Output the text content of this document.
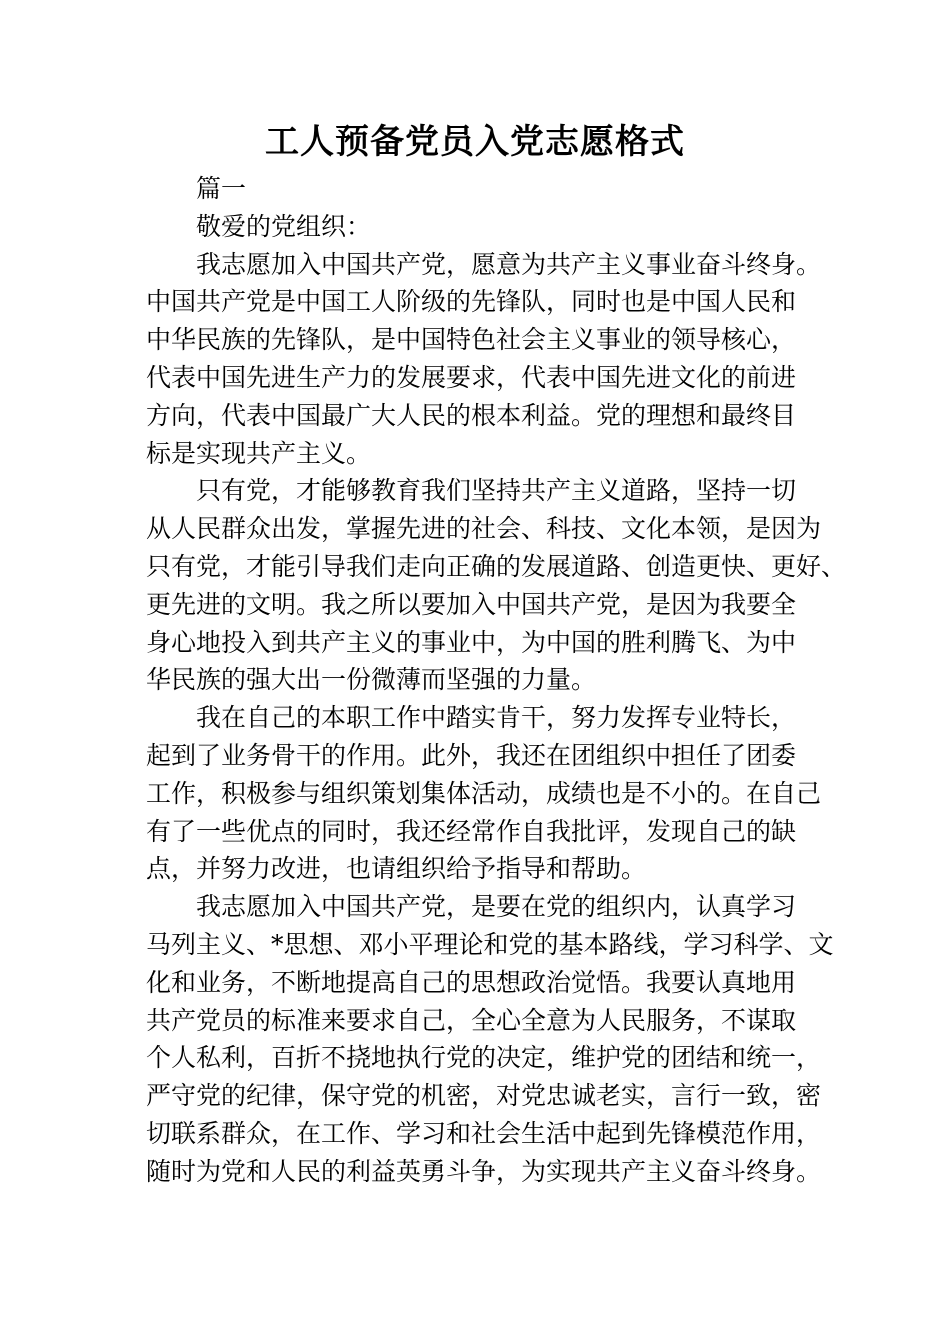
工人预备党员入党志愿格式
篇一
敬爱的党组织：
我志愿加入中国共产党，愿意为共产主义事业奋斗终身。
中国共产党是中国工人阶级的先锋队，同时也是中国人民和
中华民族的先锋队，是中国特色社会主义事业的领导核心，
代表中国先进生产力的发展要求，代表中国先进文化的前进
方向，代表中国最广大人民的根本利益。党的理想和最终目
标是实现共产主义。
只有党，才能够教育我们坚持共产主义道路，坚持一切
从人民群众出发，掌握先进的社会、科技、文化本领，是因为
只有党，才能引导我们走向正确的发展道路、创造更快、更好、
更先进的文明。我之所以要加入中国共产党，是因为我要全
身心地投入到共产主义的事业中，为中国的胜利腾飞、为中
华民族的强大出一份微薄而坚强的力量。
我在自己的本职工作中踏实肯干，努力发挥专业特长，
起到了业务骨干的作用。此外，我还在团组织中担任了团委
工作，积极参与组织策划集体活动，成绩也是不小的。在自己
有了一些优点的同时，我还经常作自我批评，发现自己的缺
点，并努力改进，也请组织给予指导和帮助。
我志愿加入中国共产党，是要在党的组织内，认真学习
马列主义、*思想、邓小平理论和党的基本路线，学习科学、文
化和业务，不断地提高自己的思想政治觉悟。我要认真地用
共产党员的标准来要求自己，全心全意为人民服务，不谋取
个人私利，百折不挠地执行党的决定，维护党的团结和统一，
严守党的纪律，保守党的机密，对党忠诚老实，言行一致，密
切联系群众，在工作、学习和社会生活中起到先锋模范作用，
随时为党和人民的利益英勇斗争，为实现共产主义奋斗终身。
